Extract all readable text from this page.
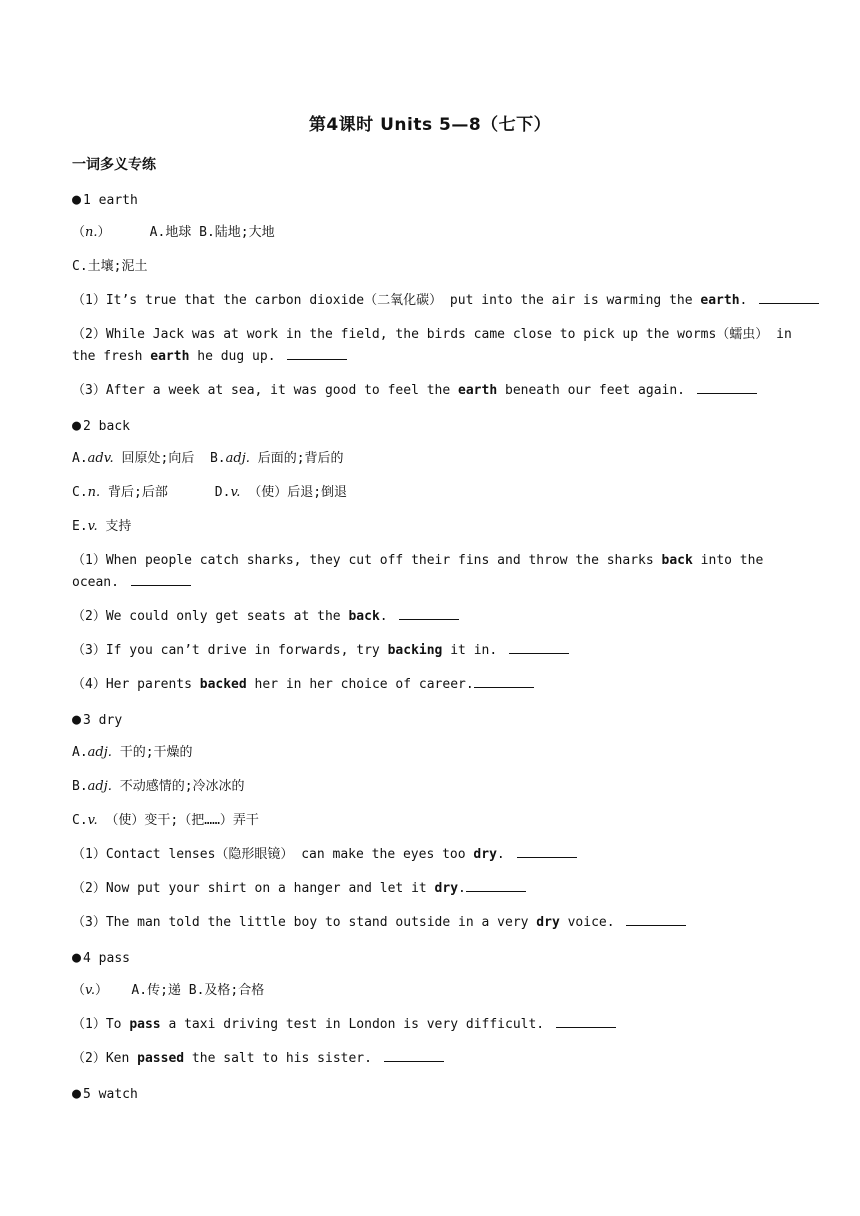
第4课时 Units 5—8（七下）
一词多义专练
● 1 earth
（n.）     A.地球 B.陆地;大地
C.土壤;泥土
（1）It’s true that the carbon dioxide（二氧化碳） put into the air is warming the earth.
（2）While Jack was at work in the field, the birds came close to pick up the worms（蠕虫） in the fresh earth he dug up.
（3）After a week at sea, it was good to feel the earth beneath our feet again.
● 2 back
A.adv. 回原处;向后  B.adj. 后面的;背后的
C.n. 背后;后部      D.v. （使）后退;倒退
E.v. 支持
（1）When people catch sharks, they cut off their fins and throw the sharks back into the ocean.
（2）We could only get seats at the back.
（3）If you can’t drive in forwards, try backing it in.
（4）Her parents backed her in her choice of career.
● 3 dry
A.adj. 干的;干燥的
B.adj. 不动感情的;冷冰冰的
C.v. （使）变干;（把……）弄干
（1）Contact lenses（隐形眼镜） can make the eyes too dry.
（2）Now put your shirt on a hanger and let it dry.
（3）The man told the little boy to stand outside in a very dry voice.
● 4 pass
（v.）   A.传;递 B.及格;合格
（1）To pass a taxi driving test in London is very difficult.
（2）Ken passed the salt to his sister.
● 5 watch
